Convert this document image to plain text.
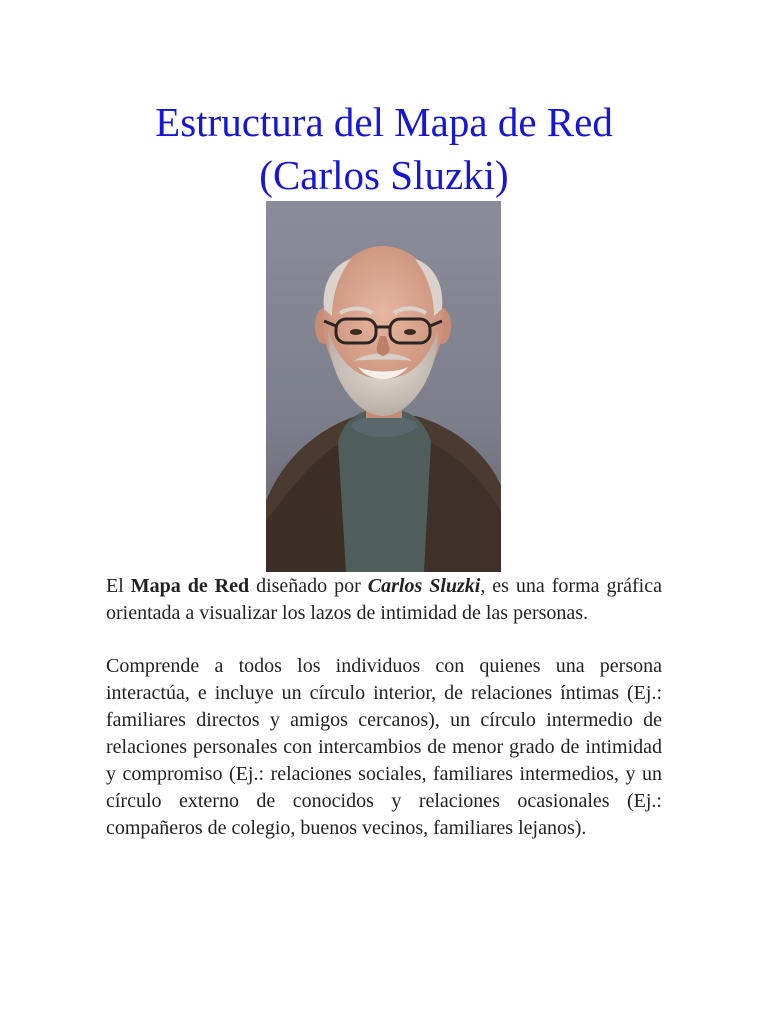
Estructura del Mapa de Red
(Carlos Sluzki)

El Mapa de Red diseñado por Carlos Sluzki, es una forma gráfica orientada a visualizar los lazos de intimidad de las personas.

Comprende a todos los individuos con quienes una persona interactúa, e incluye un círculo interior, de relaciones íntimas (Ej.: familiares directos y amigos cercanos), un círculo intermedio de relaciones personales con intercambios de menor grado de intimidad y compromiso (Ej.: relaciones sociales, familiares intermedios, y un círculo externo de conocidos y relaciones ocasionales (Ej.: compañeros de colegio, buenos vecinos, familiares lejanos).
